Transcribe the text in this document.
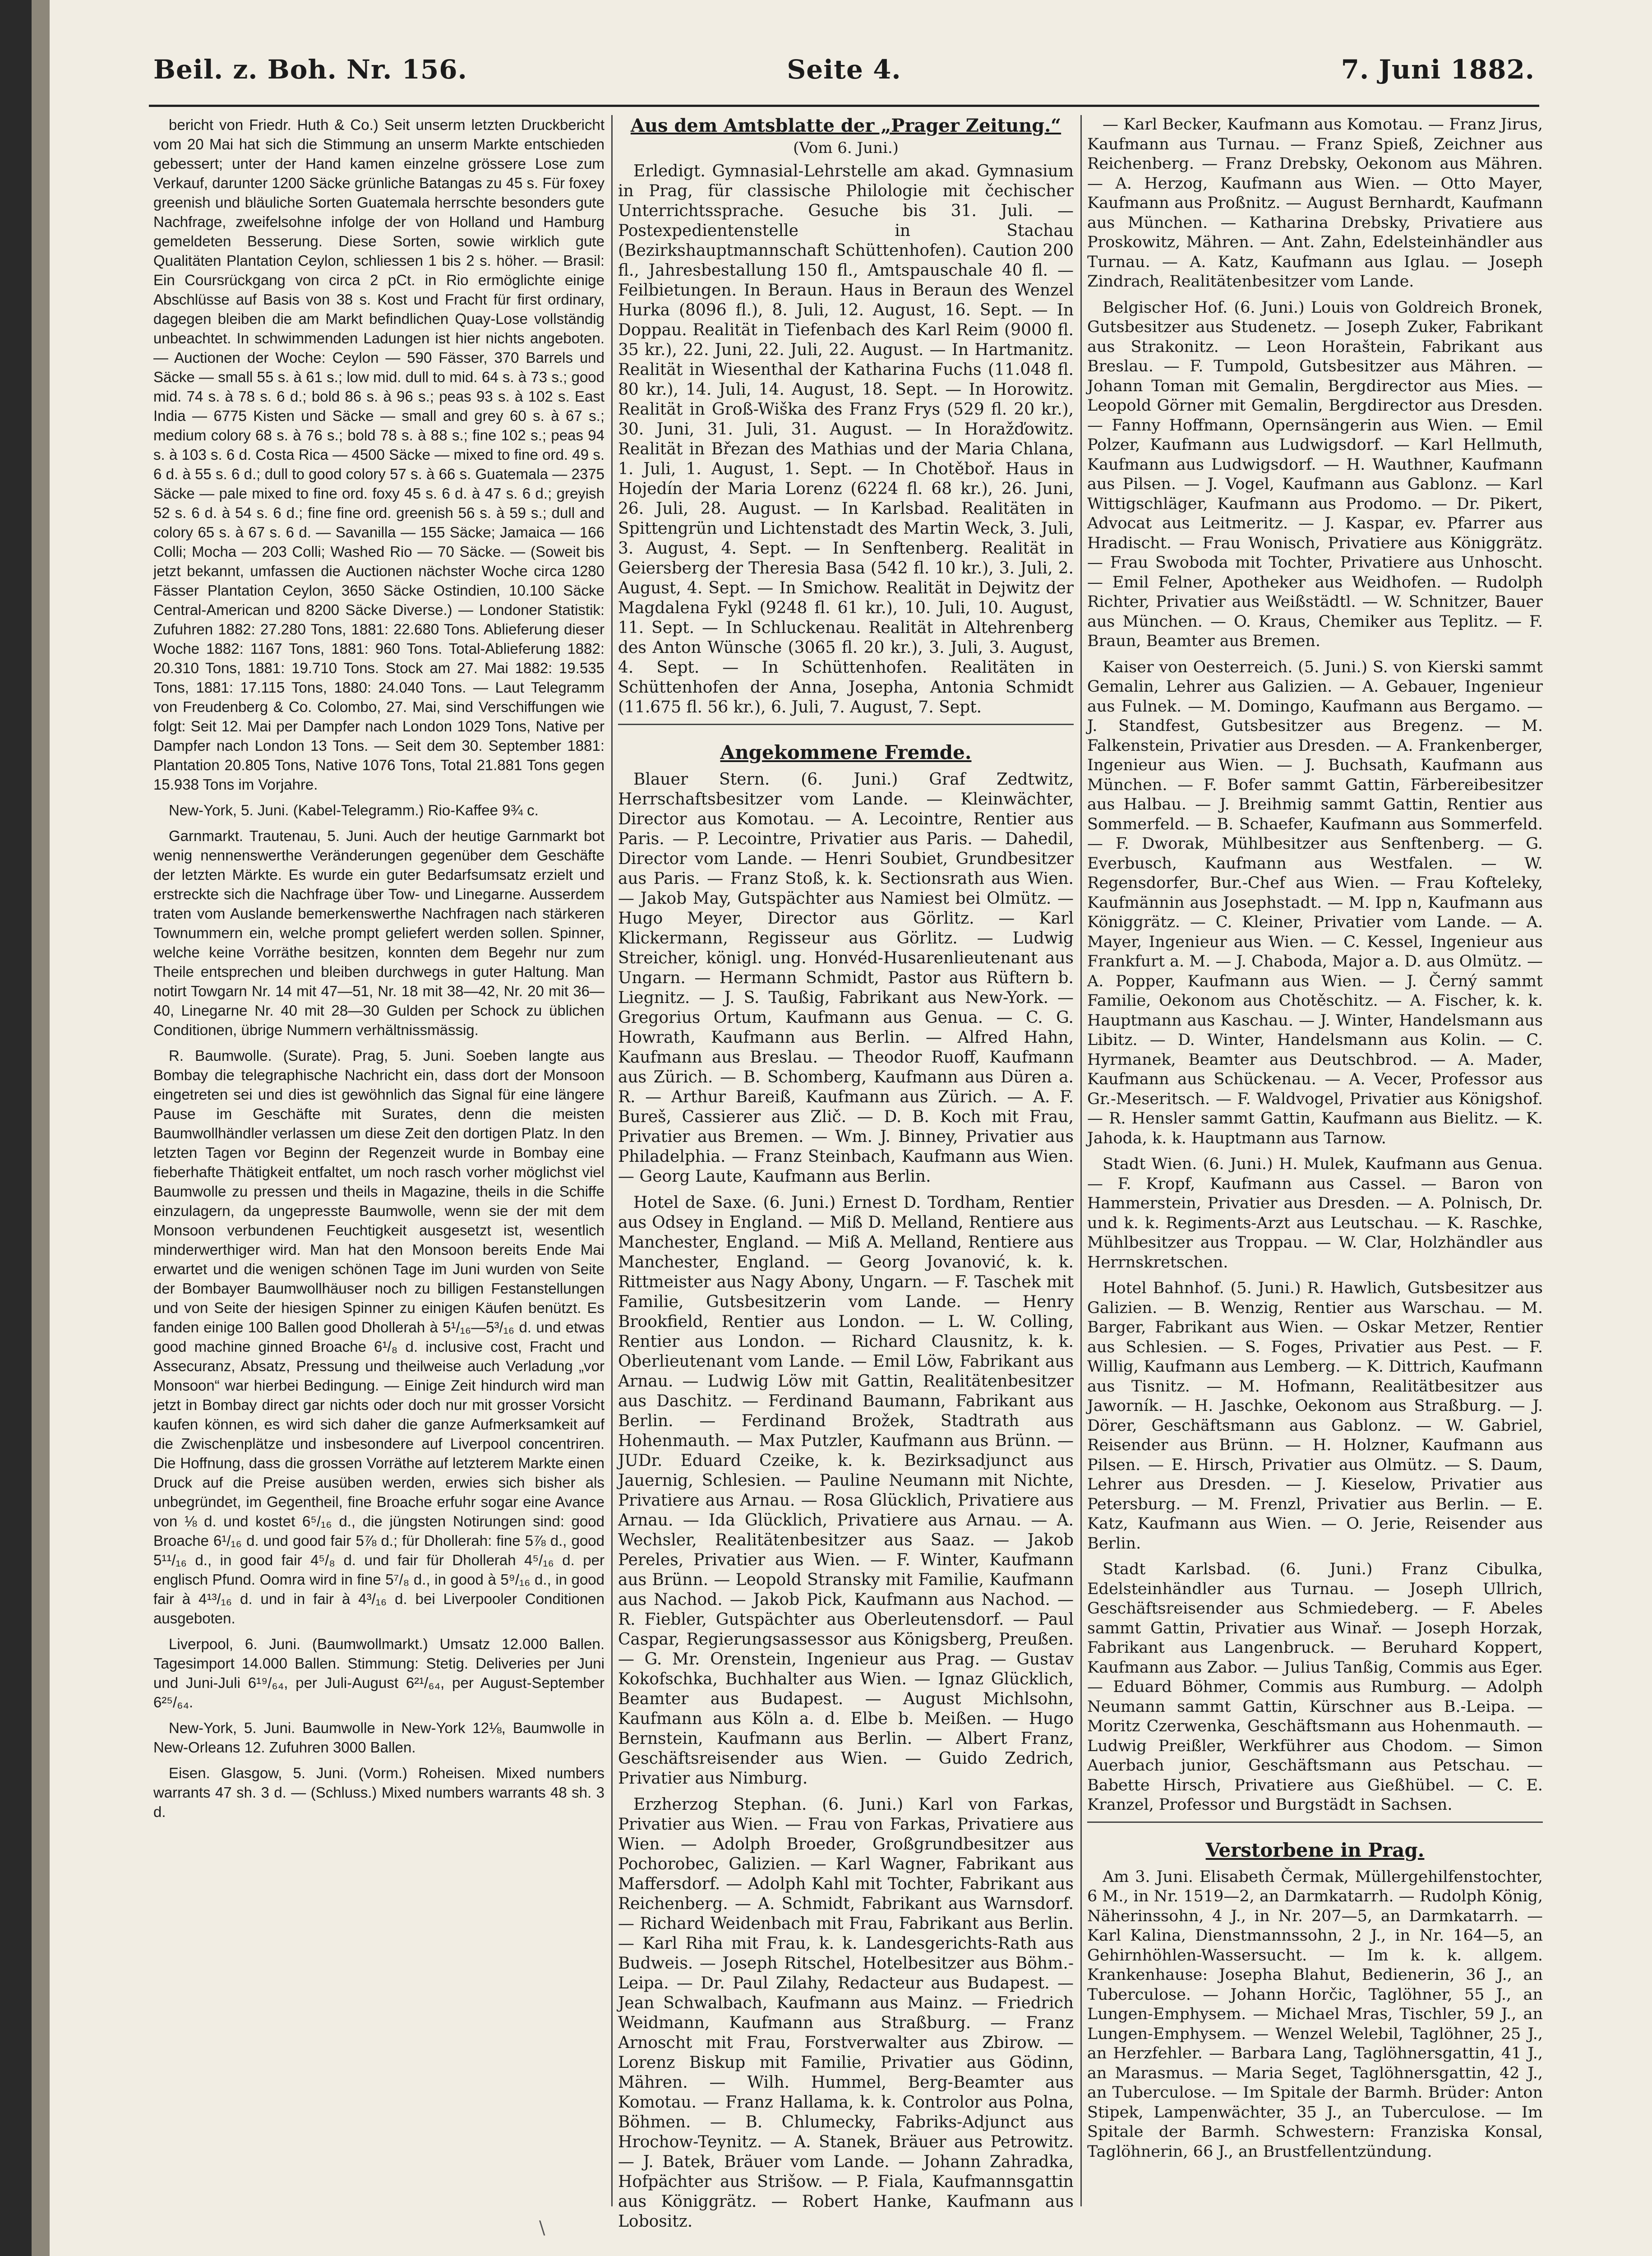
Beil. z. Boh. Nr. 156.	Seite 4.	7. Juni 1882.

bericht von Friedr. Huth & Co.) Seit unserm letzten Druckbericht vom 20 Mai hat sich die Stimmung an unserm Markte entschieden gebessert; unter der Hand kamen einzelne grössere Lose zum Verkauf, darunter 1200 Säcke grünliche Batangas zu 45 s. Für foxey greenish und bläuliche Sorten Guatemala herrschte besonders gute Nachfrage, zweifelsohne infolge der von Holland und Hamburg gemeldeten Besserung. Diese Sorten, sowie wirklich gute Qualitäten Plantation Ceylon, schliessen 1 bis 2 s. höher. — Brasil: Ein Coursrückgang von circa 2 pCt. in Rio ermöglichte einige Abschlüsse auf Basis von 38 s. Kost und Fracht für first ordinary, dagegen bleiben die am Markt befindlichen Quay-Lose vollständig unbeachtet. In schwimmenden Ladungen ist hier nichts angeboten. — Auctionen der Woche: Ceylon — 590 Fässer, 370 Barrels und Säcke — small 55 s. à 61 s.; low mid. dull to mid. 64 s. à 73 s.; good mid. 74 s. à 78 s. 6 d.; bold 86 s. à 96 s.; peas 93 s. à 102 s. East India — 6775 Kisten und Säcke — small and grey 60 s. à 67 s.; medium colory 68 s. à 76 s.; bold 78 s. à 88 s.; fine 102 s.; peas 94 s. à 103 s. 6 d. Costa Rica — 4500 Säcke — mixed to fine ord. 49 s. 6 d. à 55 s. 6 d.; dull to good colory 57 s. à 66 s. Guatemala — 2375 Säcke — pale mixed to fine ord. foxy 45 s. 6 d. à 47 s. 6 d.; greyish 52 s. 6 d. à 54 s. 6 d.; fine fine ord. greenish 56 s. à 59 s.; dull and colory 65 s. à 67 s. 6 d. — Savanilla — 155 Säcke; Jamaica — 166 Colli; Mocha — 203 Colli; Washed Rio — 70 Säcke. — (Soweit bis jetzt bekannt, umfassen die Auctionen nächster Woche circa 1280 Fässer Plantation Ceylon, 3650 Säcke Ostindien, 10.100 Säcke Central-American und 8200 Säcke Diverse.) — Londoner Statistik: Zufuhren 1882: 27.280 Tons, 1881: 22.680 Tons. Ablieferung dieser Woche 1882: 1167 Tons, 1881: 960 Tons. Total-Ablieferung 1882: 20.310 Tons, 1881: 19.710 Tons. Stock am 27. Mai 1882: 19.535 Tons, 1881: 17.115 Tons, 1880: 24.040 Tons. — Laut Telegramm von Freudenberg & Co. Colombo, 27. Mai, sind Verschiffungen wie folgt: Seit 12. Mai per Dampfer nach London 1029 Tons, Native per Dampfer nach London 13 Tons. — Seit dem 30. September 1881: Plantation 20.805 Tons, Native 1076 Tons, Total 21.881 Tons gegen 15.938 Tons im Vorjahre.

New-York, 5. Juni. (Kabel-Telegramm.) Rio-Kaffee 9¾ c.

Garnmarkt. Trautenau, 5. Juni. Auch der heutige Garnmarkt bot wenig nennenswerthe Veränderungen gegenüber dem Geschäfte der letzten Märkte. Es wurde ein guter Bedarfsumsatz erzielt und erstreckte sich die Nachfrage über Tow- und Linegarne. Ausserdem traten vom Auslande bemerkenswerthe Nachfragen nach stärkeren Townummern ein, welche prompt geliefert werden sollen. Spinner, welche keine Vorräthe besitzen, konnten dem Begehr nur zum Theile entsprechen und bleiben durchwegs in guter Haltung. Man notirt Towgarn Nr. 14 mit 47—51, Nr. 18 mit 38—42, Nr. 20 mit 36—40, Linegarne Nr. 40 mit 28—30 Gulden per Schock zu üblichen Conditionen, übrige Nummern verhältnissmässig.

R. Baumwolle. (Surate). Prag, 5. Juni. Soeben langte aus Bombay die telegraphische Nachricht ein, dass dort der Monsoon eingetreten sei und dies ist gewöhnlich das Signal für eine längere Pause im Geschäfte mit Surates, denn die meisten Baumwollhändler verlassen um diese Zeit den dortigen Platz. In den letzten Tagen vor Beginn der Regenzeit wurde in Bombay eine fieberhafte Thätigkeit entfaltet, um noch rasch vorher möglichst viel Baumwolle zu pressen und theils in Magazine, theils in die Schiffe einzulagern, da ungepresste Baumwolle, wenn sie der mit dem Monsoon verbundenen Feuchtigkeit ausgesetzt ist, wesentlich minderwerthiger wird. Man hat den Monsoon bereits Ende Mai erwartet und die wenigen schönen Tage im Juni wurden von Seite der Bombayer Baumwollhäuser noch zu billigen Festanstellungen und von Seite der hiesigen Spinner zu einigen Käufen benützt. Es fanden einige 100 Ballen good Dhollerah à 5¹/₁₆—5³/₁₆ d. und etwas good machine ginned Broache 6¹/₈ d. inclusive cost, Fracht und Assecuranz, Absatz, Pressung und theilweise auch Verladung „vor Monsoon“ war hierbei Bedingung. — Einige Zeit hindurch wird man jetzt in Bombay direct gar nichts oder doch nur mit grosser Vorsicht kaufen können, es wird sich daher die ganze Aufmerksamkeit auf die Zwischenplätze und insbesondere auf Liverpool concentriren. Die Hoffnung, dass die grossen Vorräthe auf letzterem Markte einen Druck auf die Preise ausüben werden, erwies sich bisher als unbegründet, im Gegentheil, fine Broache erfuhr sogar eine Avance von ⅛ d. und kostet 6⁵/₁₆ d., die jüngsten Notirungen sind: good Broache 6¹/₁₆ d. und good fair 5⅞ d.; für Dhollerah: fine 5⅞ d., good 5¹¹/₁₆ d., in good fair 4⁵/₈ d. und fair für Dhollerah 4⁵/₁₆ d. per englisch Pfund. Oomra wird in fine 5⁷/₈ d., in good à 5⁹/₁₆ d., in good fair à 4¹³/₁₆ d. und in fair à 4³/₁₆ d. bei Liverpooler Conditionen ausgeboten.

Liverpool, 6. Juni. (Baumwollmarkt.) Umsatz 12.000 Ballen. Tagesimport 14.000 Ballen. Stimmung: Stetig. Deliveries per Juni und Juni-Juli 6¹⁹/₆₄, per Juli-August 6²¹/₆₄, per August-September 6²⁵/₆₄.

New-York, 5. Juni. Baumwolle in New-York 12⅛, Baumwolle in New-Orleans 12. Zufuhren 3000 Ballen.

Eisen. Glasgow, 5. Juni. (Vorm.) Roheisen. Mixed numbers warrants 47 sh. 3 d. — (Schluss.) Mixed numbers warrants 48 sh. 3 d.

Aus dem Amtsblatte der „Prager Zeitung.“
(Vom 6. Juni.)

Erledigt. Gymnasial-Lehrstelle am akad. Gymnasium in Prag, für classische Philologie mit čechischer Unterrichtssprache. Gesuche bis 31. Juli. — Postexpedientenstelle in Stachau (Bezirkshauptmannschaft Schüttenhofen). Caution 200 fl., Jahresbestallung 150 fl., Amtspauschale 40 fl. — Feilbietungen. In Beraun. Haus in Beraun des Wenzel Hurka (8096 fl.), 8. Juli, 12. August, 16. Sept. — In Doppau. Realität in Tiefenbach des Karl Reim (9000 fl. 35 kr.), 22. Juni, 22. Juli, 22. August. — In Hartmanitz. Realität in Wiesenthal der Katharina Fuchs (11.048 fl. 80 kr.), 14. Juli, 14. August, 18. Sept. — In Horowitz. Realität in Groß-Wiška des Franz Frys (529 fl. 20 kr.), 30. Juni, 31. Juli, 31. August. — In Horažďowitz. Realität in Březan des Mathias und der Maria Chlana, 1. Juli, 1. August, 1. Sept. — In Chotěboř. Haus in Hojedín der Maria Lorenz (6224 fl. 68 kr.), 26. Juni, 26. Juli, 28. August. — In Karlsbad. Realitäten in Spittengrün und Lichtenstadt des Martin Weck, 3. Juli, 3. August, 4. Sept. — In Senftenberg. Realität in Geiersberg der Theresia Basa (542 fl. 10 kr.), 3. Juli, 2. August, 4. Sept. — In Smichow. Realität in Dejwitz der Magdalena Fykl (9248 fl. 61 kr.), 10. Juli, 10. August, 11. Sept. — In Schluckenau. Realität in Altehrenberg des Anton Wünsche (3065 fl. 20 kr.), 3. Juli, 3. August, 4. Sept. — In Schüttenhofen. Realitäten in Schüttenhofen der Anna, Josepha, Antonia Schmidt (11.675 fl. 56 kr.), 6. Juli, 7. August, 7. Sept.

Angekommene Fremde.

Blauer Stern. (6. Juni.) Graf Zedtwitz, Herrschaftsbesitzer vom Lande. — Kleinwächter, Director aus Komotau. — A. Lecointre, Rentier aus Paris. — P. Lecointre, Privatier aus Paris. — Dahedil, Director vom Lande. — Henri Soubiet, Grundbesitzer aus Paris. — Franz Stoß, k. k. Sectionsrath aus Wien. — Jakob May, Gutspächter aus Namiest bei Olmütz. — Hugo Meyer, Director aus Görlitz. — Karl Klickermann, Regisseur aus Görlitz. — Ludwig Streicher, königl. ung. Honvéd-Husarenlieutenant aus Ungarn. — Hermann Schmidt, Pastor aus Rüftern b. Liegnitz. — J. S. Taußig, Fabrikant aus New-York. — Gregorius Ortum, Kaufmann aus Genua. — C. G. Howrath, Kaufmann aus Berlin. — Alfred Hahn, Kaufmann aus Breslau. — Theodor Ruoff, Kaufmann aus Zürich. — B. Schomberg, Kaufmann aus Düren a. R. — Arthur Bareiß, Kaufmann aus Zürich. — A. F. Bureš, Cassierer aus Zlič. — D. B. Koch mit Frau, Privatier aus Bremen. — Wm. J. Binney, Privatier aus Philadelphia. — Franz Steinbach, Kaufmann aus Wien. — Georg Laute, Kaufmann aus Berlin.

Hotel de Saxe. (6. Juni.) Ernest D. Tordham, Rentier aus Odsey in England. — Miß D. Melland, Rentiere aus Manchester, England. — Miß A. Melland, Rentiere aus Manchester, England. — Georg Jovanović, k. k. Rittmeister aus Nagy Abony, Ungarn. — F. Taschek mit Familie, Gutsbesitzerin vom Lande. — Henry Brookfield, Rentier aus London. — L. W. Colling, Rentier aus London. — Richard Clausnitz, k. k. Oberlieutenant vom Lande. — Emil Löw, Fabrikant aus Arnau. — Ludwig Löw mit Gattin, Realitätenbesitzer aus Daschitz. — Ferdinand Baumann, Fabrikant aus Berlin. — Ferdinand Brožek, Stadtrath aus Hohenmauth. — Max Putzler, Kaufmann aus Brünn. — JUDr. Eduard Czeike, k. k. Bezirksadjunct aus Jauernig, Schlesien. — Pauline Neumann mit Nichte, Privatiere aus Arnau. — Rosa Glücklich, Privatiere aus Arnau. — Ida Glücklich, Privatiere aus Arnau. — A. Wechsler, Realitätenbesitzer aus Saaz. — Jakob Pereles, Privatier aus Wien. — F. Winter, Kaufmann aus Brünn. — Leopold Stransky mit Familie, Kaufmann aus Nachod. — Jakob Pick, Kaufmann aus Nachod. — R. Fiebler, Gutspächter aus Oberleutensdorf. — Paul Caspar, Regierungsassessor aus Königsberg, Preußen. — G. Mr. Orenstein, Ingenieur aus Prag. — Gustav Kokofschka, Buchhalter aus Wien. — Ignaz Glücklich, Beamter aus Budapest. — August Michlsohn, Kaufmann aus Köln a. d. Elbe b. Meißen. — Hugo Bernstein, Kaufmann aus Berlin. — Albert Franz, Geschäftsreisender aus Wien. — Guido Zedrich, Privatier aus Nimburg.

Erzherzog Stephan. (6. Juni.) Karl von Farkas, Privatier aus Wien. — Frau von Farkas, Privatiere aus Wien. — Adolph Broeder, Großgrundbesitzer aus Pochorobec, Galizien. — Karl Wagner, Fabrikant aus Maffersdorf. — Adolph Kahl mit Tochter, Fabrikant aus Reichenberg. — A. Schmidt, Fabrikant aus Warnsdorf. — Richard Weidenbach mit Frau, Fabrikant aus Berlin. — Karl Riha mit Frau, k. k. Landesgerichts-Rath aus Budweis. — Joseph Ritschel, Hotelbesitzer aus Böhm.-Leipa. — Dr. Paul Zilahy, Redacteur aus Budapest. — Jean Schwalbach, Kaufmann aus Mainz. — Friedrich Weidmann, Kaufmann aus Straßburg. — Franz Arnoscht mit Frau, Forstverwalter aus Zbirow. — Lorenz Biskup mit Familie, Privatier aus Gödinn, Mähren. — Wilh. Hummel, Berg-Beamter aus Komotau. — Franz Hallama, k. k. Controlor aus Polna, Böhmen. — B. Chlumecky, Fabriks-Adjunct aus Hrochow-Teynitz. — A. Stanek, Bräuer aus Petrowitz. — J. Batek, Bräuer vom Lande. — Johann Zahradka, Hofpächter aus Strišow. — P. Fiala, Kaufmannsgattin aus Königgrätz. — Robert Hanke, Kaufmann aus Lobositz.

— Karl Becker, Kaufmann aus Komotau. — Franz Jirus, Kaufmann aus Turnau. — Franz Spieß, Zeichner aus Reichenberg. — Franz Drebsky, Oekonom aus Mähren. — A. Herzog, Kaufmann aus Wien. — Otto Mayer, Kaufmann aus Proßnitz. — August Bernhardt, Kaufmann aus München. — Katharina Drebsky, Privatiere aus Proskowitz, Mähren. — Ant. Zahn, Edelsteinhändler aus Turnau. — A. Katz, Kaufmann aus Iglau. — Joseph Zindrach, Realitätenbesitzer vom Lande.

Belgischer Hof. (6. Juni.) Louis von Goldreich Bronek, Gutsbesitzer aus Studenetz. — Joseph Zuker, Fabrikant aus Strakonitz. — Leon Horaštein, Fabrikant aus Breslau. — F. Tumpold, Gutsbesitzer aus Mähren. — Johann Toman mit Gemalin, Bergdirector aus Mies. — Leopold Görner mit Gemalin, Bergdirector aus Dresden. — Fanny Hoffmann, Opernsängerin aus Wien. — Emil Polzer, Kaufmann aus Ludwigsdorf. — Karl Hellmuth, Kaufmann aus Ludwigsdorf. — H. Wauthner, Kaufmann aus Pilsen. — J. Vogel, Kaufmann aus Gablonz. — Karl Wittigschläger, Kaufmann aus Prodomo. — Dr. Pikert, Advocat aus Leitmeritz. — J. Kaspar, ev. Pfarrer aus Hradischt. — Frau Wonisch, Privatiere aus Königgrätz. — Frau Swoboda mit Tochter, Privatiere aus Unhoscht. — Emil Felner, Apotheker aus Weidhofen. — Rudolph Richter, Privatier aus Weißstädtl. — W. Schnitzer, Bauer aus München. — O. Kraus, Chemiker aus Teplitz. — F. Braun, Beamter aus Bremen.

Kaiser von Oesterreich. (5. Juni.) S. von Kierski sammt Gemalin, Lehrer aus Galizien. — A. Gebauer, Ingenieur aus Fulnek. — M. Domingo, Kaufmann aus Bergamo. — J. Standfest, Gutsbesitzer aus Bregenz. — M. Falkenstein, Privatier aus Dresden. — A. Frankenberger, Ingenieur aus Wien. — J. Buchsath, Kaufmann aus München. — F. Bofer sammt Gattin, Färbereibesitzer aus Halbau. — J. Breihmig sammt Gattin, Rentier aus Sommerfeld. — B. Schaefer, Kaufmann aus Sommerfeld. — F. Dworak, Mühlbesitzer aus Senftenberg. — G. Everbusch, Kaufmann aus Westfalen. — W. Regensdorfer, Bur.-Chef aus Wien. — Frau Kofteleky, Kaufmännin aus Josephstadt. — M. Ipp n, Kaufmann aus Königgrätz. — C. Kleiner, Privatier vom Lande. — A. Mayer, Ingenieur aus Wien. — C. Kessel, Ingenieur aus Frankfurt a. M. — J. Chaboda, Major a. D. aus Olmütz. — A. Popper, Kaufmann aus Wien. — J. Černý sammt Familie, Oekonom aus Chotěschitz. — A. Fischer, k. k. Hauptmann aus Kaschau. — J. Winter, Handelsmann aus Libitz. — D. Winter, Handelsmann aus Kolin. — C. Hyrmanek, Beamter aus Deutschbrod. — A. Mader, Kaufmann aus Schückenau. — A. Vecer, Professor aus Gr.-Meseritsch. — F. Waldvogel, Privatier aus Königshof. — R. Hensler sammt Gattin, Kaufmann aus Bielitz. — K. Jahoda, k. k. Hauptmann aus Tarnow.

Stadt Wien. (6. Juni.) H. Mulek, Kaufmann aus Genua. — F. Kropf, Kaufmann aus Cassel. — Baron von Hammerstein, Privatier aus Dresden. — A. Polnisch, Dr. und k. k. Regiments-Arzt aus Leutschau. — K. Raschke, Mühlbesitzer aus Troppau. — W. Clar, Holzhändler aus Herrnskretschen.

Hotel Bahnhof. (5. Juni.) R. Hawlich, Gutsbesitzer aus Galizien. — B. Wenzig, Rentier aus Warschau. — M. Barger, Fabrikant aus Wien. — Oskar Metzer, Rentier aus Schlesien. — S. Foges, Privatier aus Pest. — F. Willig, Kaufmann aus Lemberg. — K. Dittrich, Kaufmann aus Tisnitz. — M. Hofmann, Realitätbesitzer aus Jaworník. — H. Jaschke, Oekonom aus Straßburg. — J. Dörer, Geschäftsmann aus Gablonz. — W. Gabriel, Reisender aus Brünn. — H. Holzner, Kaufmann aus Pilsen. — E. Hirsch, Privatier aus Olmütz. — S. Daum, Lehrer aus Dresden. — J. Kieselow, Privatier aus Petersburg. — M. Frenzl, Privatier aus Berlin. — E. Katz, Kaufmann aus Wien. — O. Jerie, Reisender aus Berlin.

Stadt Karlsbad. (6. Juni.) Franz Cibulka, Edelsteinhändler aus Turnau. — Joseph Ullrich, Geschäftsreisender aus Schmiedeberg. — F. Abeles sammt Gattin, Privatier aus Winař. — Joseph Horzak, Fabrikant aus Langenbruck. — Beruhard Koppert, Kaufmann aus Zabor. — Julius Tanßig, Commis aus Eger. — Eduard Böhmer, Commis aus Rumburg. — Adolph Neumann sammt Gattin, Kürschner aus B.-Leipa. — Moritz Czerwenka, Geschäftsmann aus Hohenmauth. — Ludwig Preißler, Werkführer aus Chodom. — Simon Auerbach junior, Geschäftsmann aus Petschau. — Babette Hirsch, Privatiere aus Gießhübel. — C. E. Kranzel, Professor und Burgstädt in Sachsen.

Verstorbene in Prag.

Am 3. Juni. Elisabeth Čermak, Müllergehilfenstochter, 6 M., in Nr. 1519—2, an Darmkatarrh. — Rudolph König, Näherinssohn, 4 J., in Nr. 207—5, an Darmkatarrh. — Karl Kalina, Dienstmannssohn, 2 J., in Nr. 164—5, an Gehirnhöhlen-Wassersucht. — Im k. k. allgem. Krankenhause: Josepha Blahut, Bedienerin, 36 J., an Tuberculose. — Johann Horčic, Taglöhner, 55 J., an Lungen-Emphysem. — Michael Mras, Tischler, 59 J., an Lungen-Emphysem. — Wenzel Welebil, Taglöhner, 25 J., an Herzfehler. — Barbara Lang, Taglöhnersgattin, 41 J., an Marasmus. — Maria Seget, Taglöhnersgattin, 42 J., an Tuberculose. — Im Spitale der Barmh. Brüder: Anton Stipek, Lampenwächter, 35 J., an Tuberculose. — Im Spitale der Barmh. Schwestern: Franziska Konsal, Taglöhnerin, 66 J., an Brustfellentzündung.

\
